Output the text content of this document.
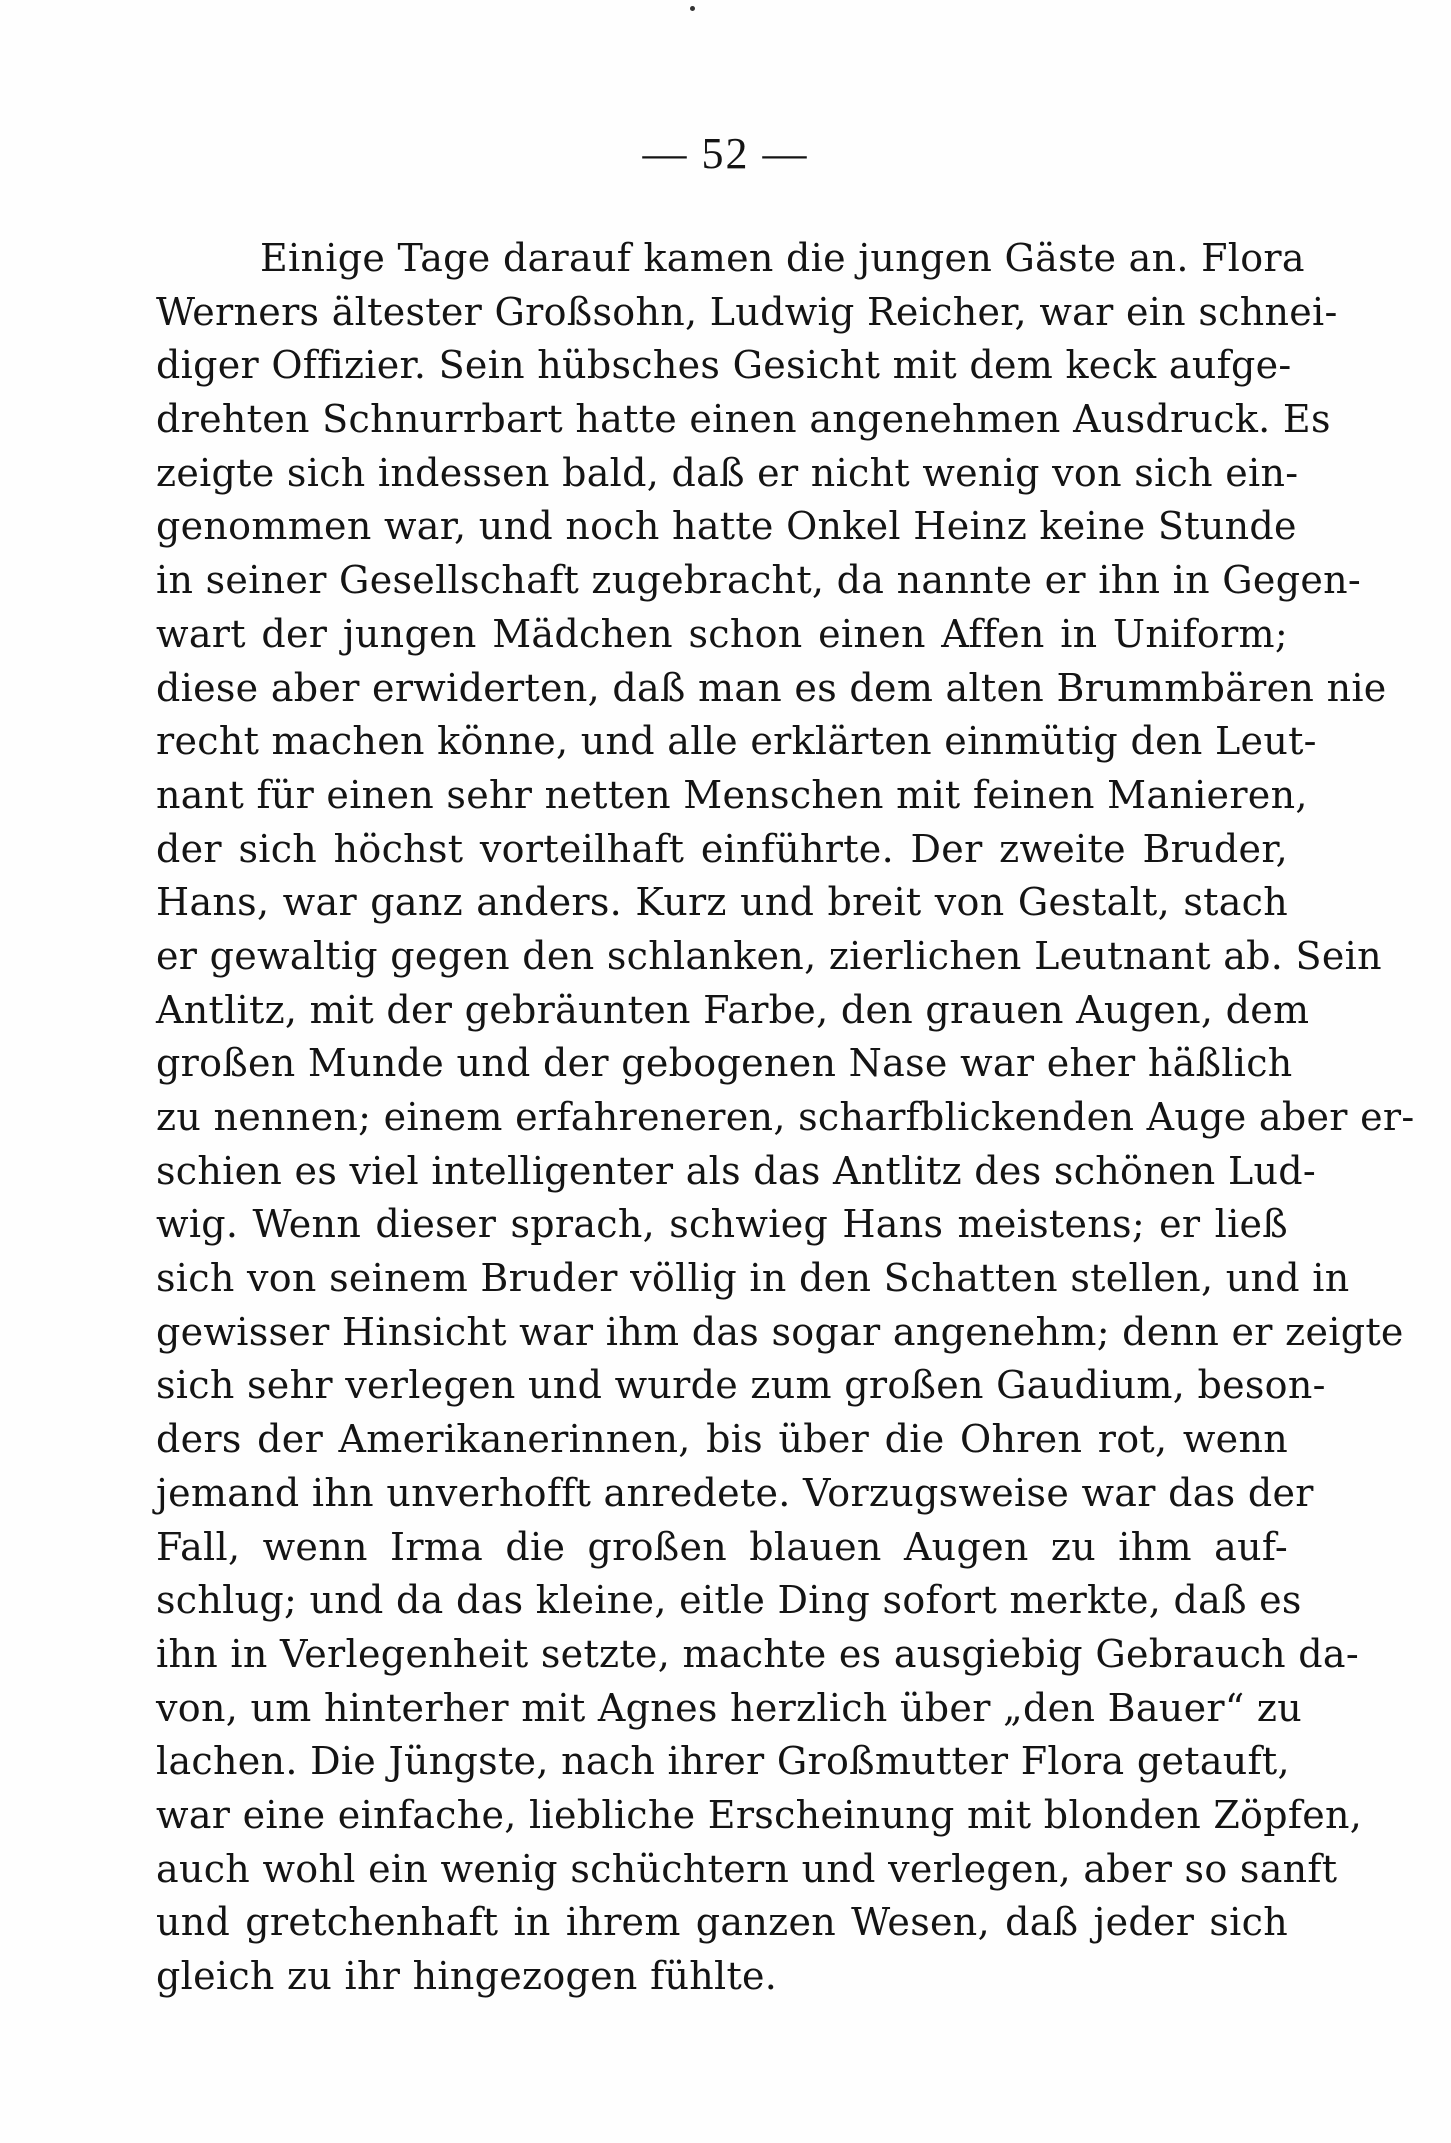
— 52 —
Einige Tage darauf kamen die jungen Gäste an. Flora
Werners ältester Großsohn, Ludwig Reicher, war ein schnei-
diger Offizier. Sein hübsches Gesicht mit dem keck aufge-
drehten Schnurrbart hatte einen angenehmen Ausdruck. Es
zeigte sich indessen bald, daß er nicht wenig von sich ein-
genommen war, und noch hatte Onkel Heinz keine Stunde
in seiner Gesellschaft zugebracht, da nannte er ihn in Gegen-
wart der jungen Mädchen schon einen Affen in Uniform;
diese aber erwiderten, daß man es dem alten Brummbären nie
recht machen könne, und alle erklärten einmütig den Leut-
nant für einen sehr netten Menschen mit feinen Manieren,
der sich höchst vorteilhaft einführte. Der zweite Bruder,
Hans, war ganz anders. Kurz und breit von Gestalt, stach
er gewaltig gegen den schlanken, zierlichen Leutnant ab. Sein
Antlitz, mit der gebräunten Farbe, den grauen Augen, dem
großen Munde und der gebogenen Nase war eher häßlich
zu nennen; einem erfahreneren, scharfblickenden Auge aber er-
schien es viel intelligenter als das Antlitz des schönen Lud-
wig. Wenn dieser sprach, schwieg Hans meistens; er ließ
sich von seinem Bruder völlig in den Schatten stellen, und in
gewisser Hinsicht war ihm das sogar angenehm; denn er zeigte
sich sehr verlegen und wurde zum großen Gaudium, beson-
ders der Amerikanerinnen, bis über die Ohren rot, wenn
jemand ihn unverhofft anredete. Vorzugsweise war das der
Fall, wenn Irma die großen blauen Augen zu ihm auf-
schlug; und da das kleine, eitle Ding sofort merkte, daß es
ihn in Verlegenheit setzte, machte es ausgiebig Gebrauch da-
von, um hinterher mit Agnes herzlich über „den Bauer“ zu
lachen. Die Jüngste, nach ihrer Großmutter Flora getauft,
war eine einfache, liebliche Erscheinung mit blonden Zöpfen,
auch wohl ein wenig schüchtern und verlegen, aber so sanft
und gretchenhaft in ihrem ganzen Wesen, daß jeder sich
gleich zu ihr hingezogen fühlte.
